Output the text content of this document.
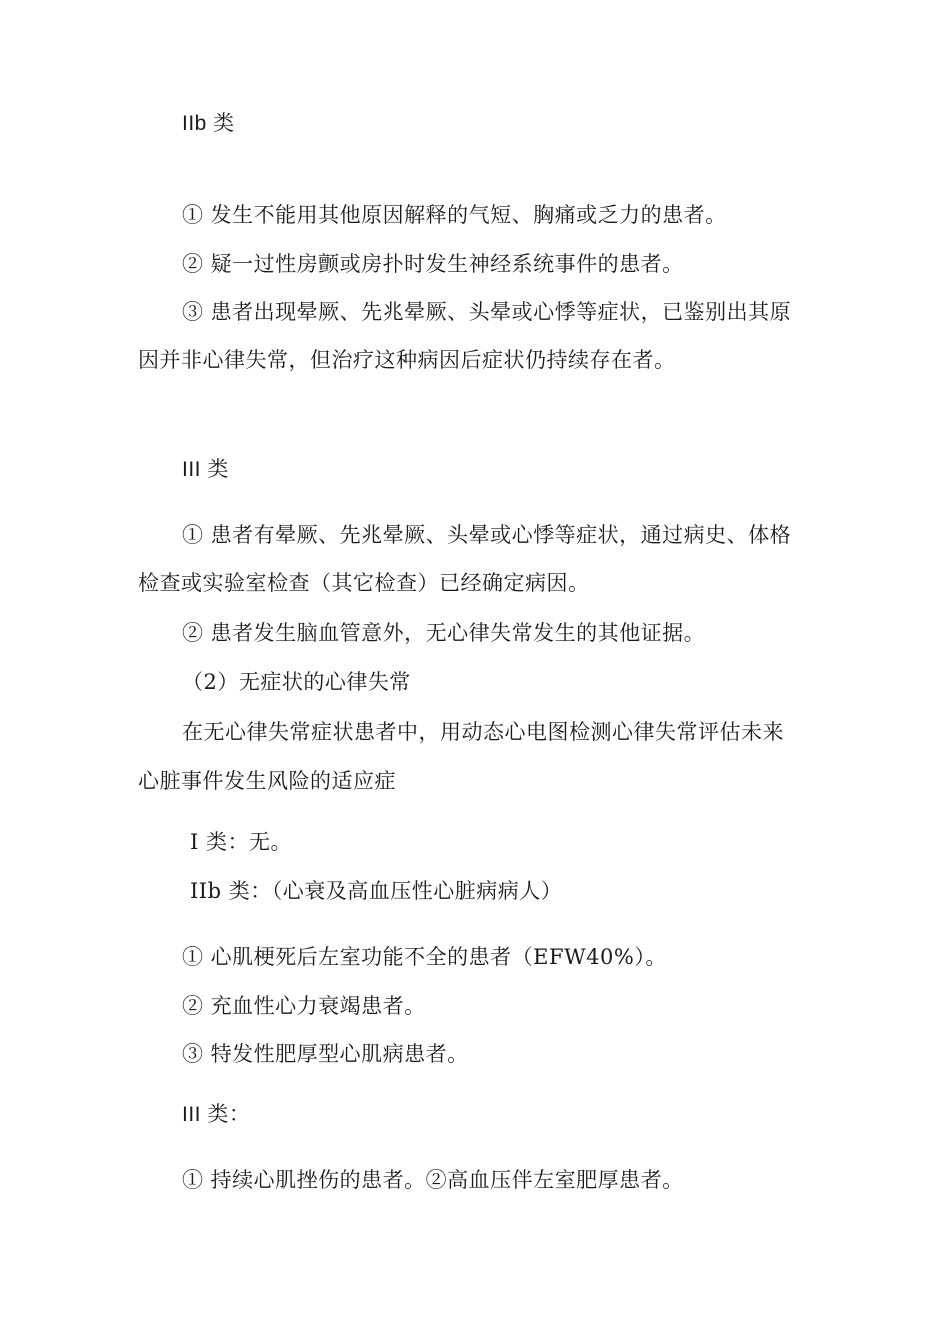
IIb 类
① 发生不能用其他原因解释的气短、胸痛或乏力的患者。
② 疑一过性房颤或房扑时发生神经系统事件的患者。
③ 患者出现晕厥、先兆晕厥、头晕或心悸等症状，已鉴别出其原
因并非心律失常，但治疗这种病因后症状仍持续存在者。
III 类
① 患者有晕厥、先兆晕厥、头晕或心悸等症状，通过病史、体格
检查或实验室检查（其它检查）已经确定病因。
② 患者发生脑血管意外，无心律失常发生的其他证据。
（2）无症状的心律失常
在无心律失常症状患者中，用动态心电图检测心律失常评估未来
心脏事件发生风险的适应症
I 类：无。
IIb 类：（心衰及高血压性心脏病病人）
① 心肌梗死后左室功能不全的患者（EFW40%）。
② 充血性心力衰竭患者。
③ 特发性肥厚型心肌病患者。
III 类：
① 持续心肌挫伤的患者。②高血压伴左室肥厚患者。
